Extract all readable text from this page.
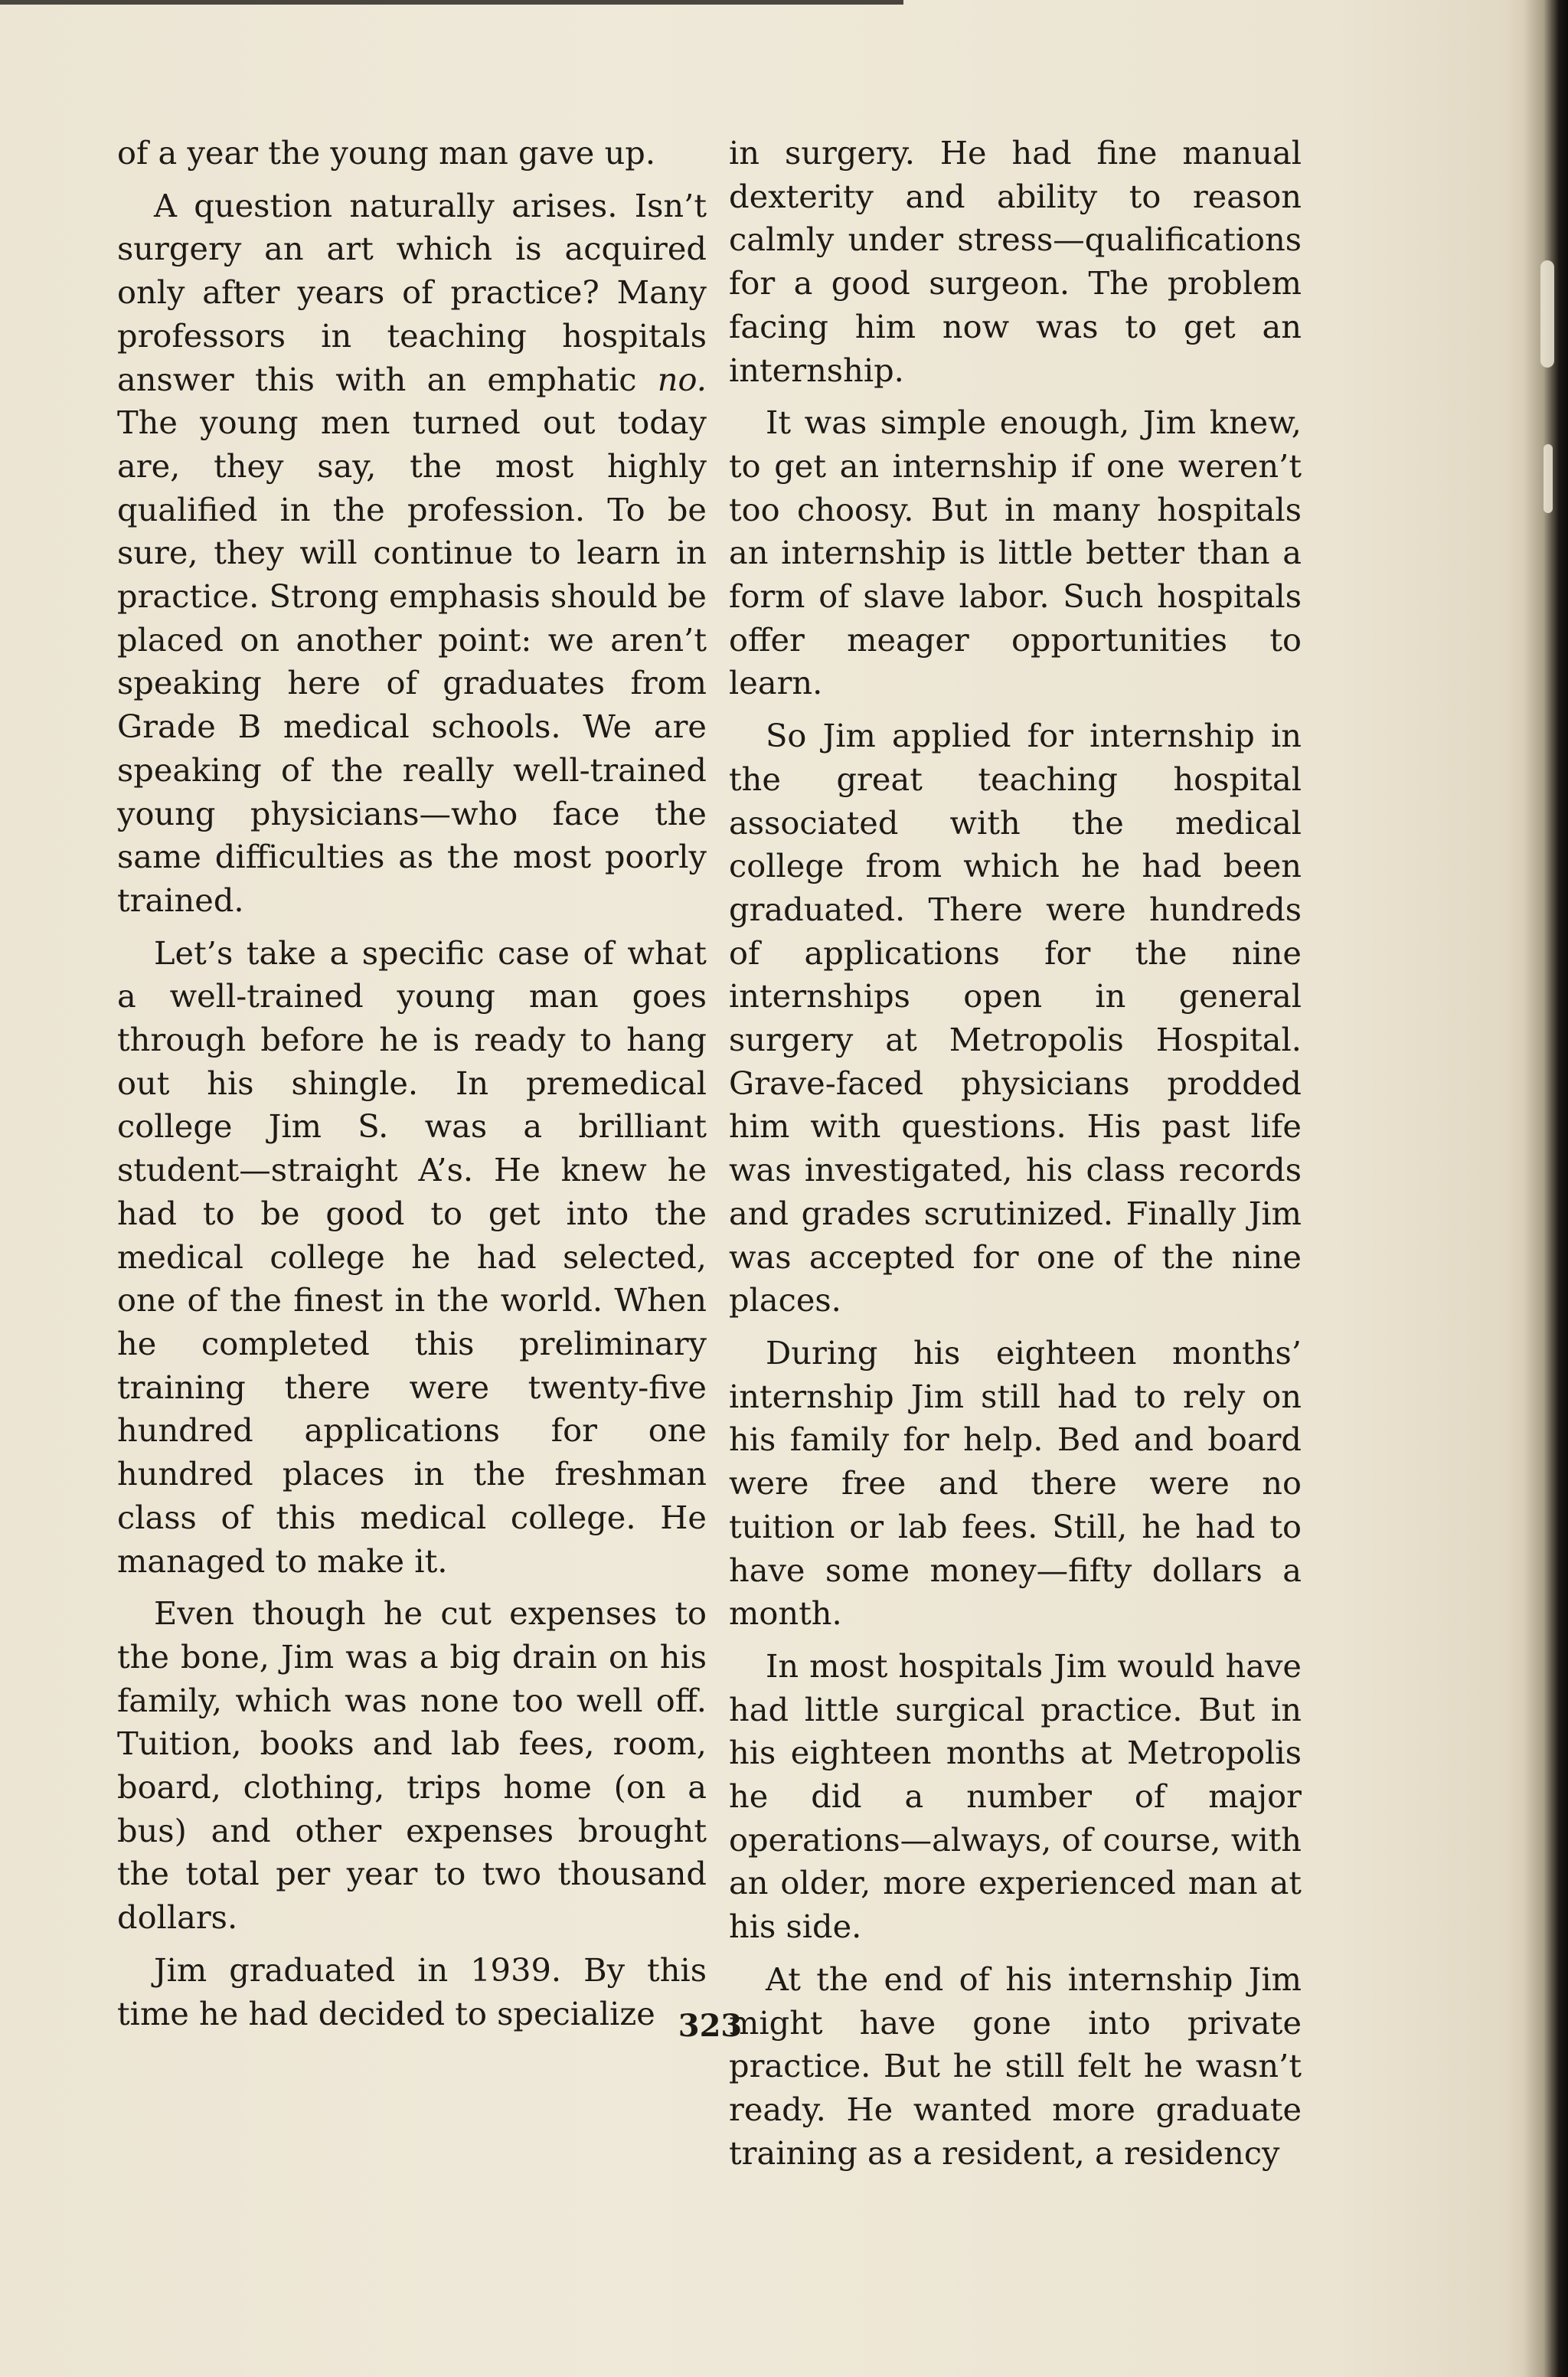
of a year the young man gave up.

A question naturally arises. Isn’t surgery an art which is acquired only after years of practice? Many professors in teaching hospitals answer this with an emphatic no. The young men turned out today are, they say, the most highly qualified in the profession. To be sure, they will continue to learn in practice. Strong emphasis should be placed on another point: we aren’t speaking here of graduates from Grade B medical schools. We are speaking of the really well-trained young physicians—who face the same difficulties as the most poorly trained.

Let’s take a specific case of what a well-trained young man goes through before he is ready to hang out his shingle. In premedical college Jim S. was a brilliant student—straight A’s. He knew he had to be good to get into the medical college he had selected, one of the finest in the world. When he completed this preliminary training there were twenty-five hundred applications for one hundred places in the freshman class of this medical college. He managed to make it.

Even though he cut expenses to the bone, Jim was a big drain on his family, which was none too well off. Tuition, books and lab fees, room, board, clothing, trips home (on a bus) and other expenses brought the total per year to two thousand dollars.

Jim graduated in 1939. By this time he had decided to specialize

in surgery. He had fine manual dexterity and ability to reason calmly under stress—qualifications for a good surgeon. The problem facing him now was to get an internship.

It was simple enough, Jim knew, to get an internship if one weren’t too choosy. But in many hospitals an internship is little better than a form of slave labor. Such hospitals offer meager opportunities to learn.

So Jim applied for internship in the great teaching hospital associated with the medical college from which he had been graduated. There were hundreds of applications for the nine internships open in general surgery at Metropolis Hospital. Grave-faced physicians prodded him with questions. His past life was investigated, his class records and grades scrutinized. Finally Jim was accepted for one of the nine places.

During his eighteen months’ internship Jim still had to rely on his family for help. Bed and board were free and there were no tuition or lab fees. Still, he had to have some money—fifty dollars a month.

In most hospitals Jim would have had little surgical practice. But in his eighteen months at Metropolis he did a number of major operations—always, of course, with an older, more experienced man at his side.

At the end of his internship Jim might have gone into private practice. But he still felt he wasn’t ready. He wanted more graduate training as a resident, a residency

323
